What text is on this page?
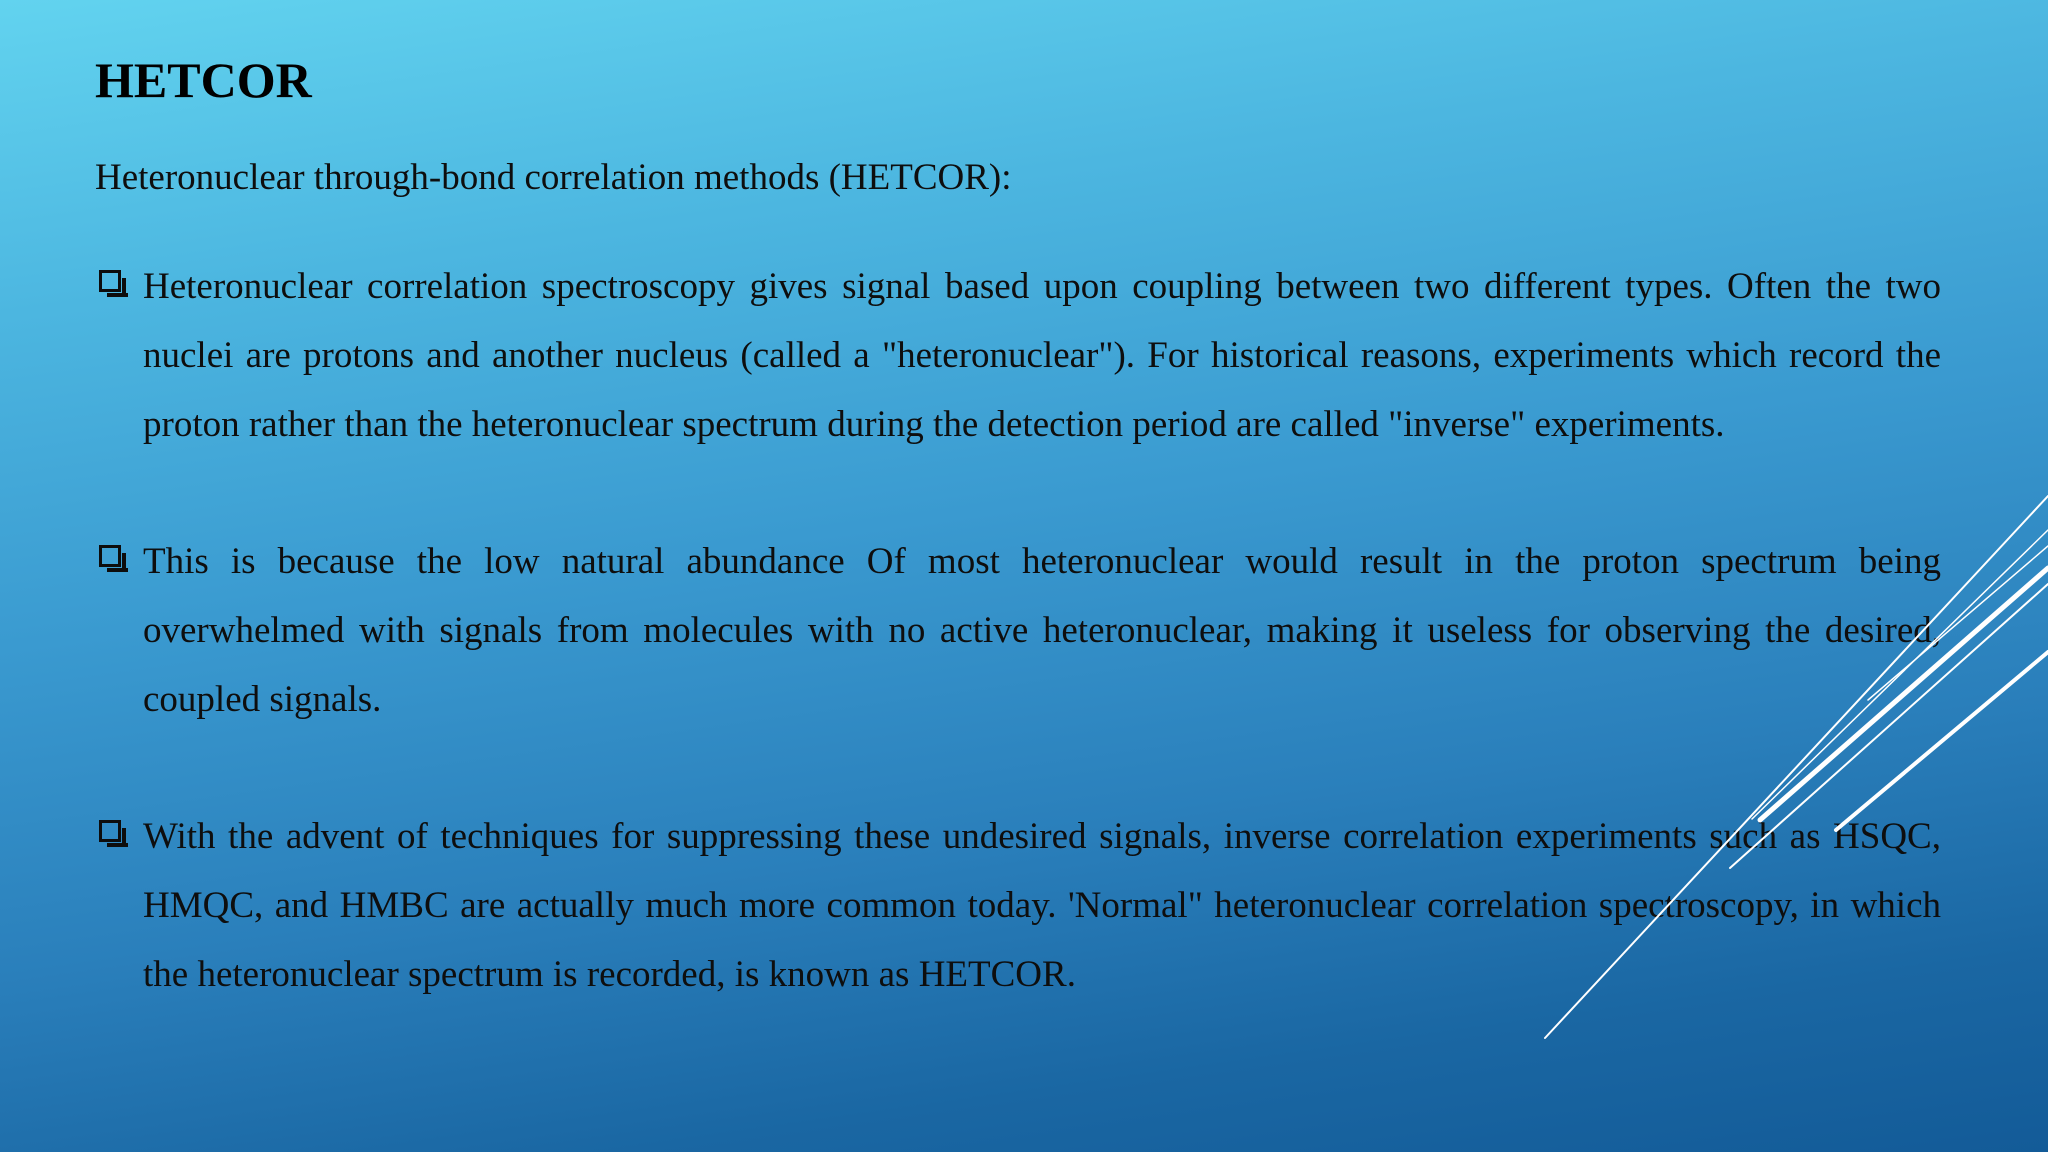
HETCOR

Heteronuclear through-bond correlation methods (HETCOR):

Heteronuclear correlation spectroscopy gives signal based upon coupling between two different types. Often the two nuclei are protons and another nucleus (called a "heteronuclear"). For historical reasons, experiments which record the proton rather than the heteronuclear spectrum during the detection period are called "inverse" experiments.
This is because the low natural abundance Of most heteronuclear would result in the proton spectrum being overwhelmed with signals from molecules with no active heteronuclear, making it useless for observing the desired, coupled signals.
With the advent of techniques for suppressing these undesired signals, inverse correlation experiments such as HSQC, HMQC, and HMBC are actually much more common today. 'Normal" heteronuclear correlation spectroscopy, in which the heteronuclear spectrum is recorded, is known as HETCOR.
